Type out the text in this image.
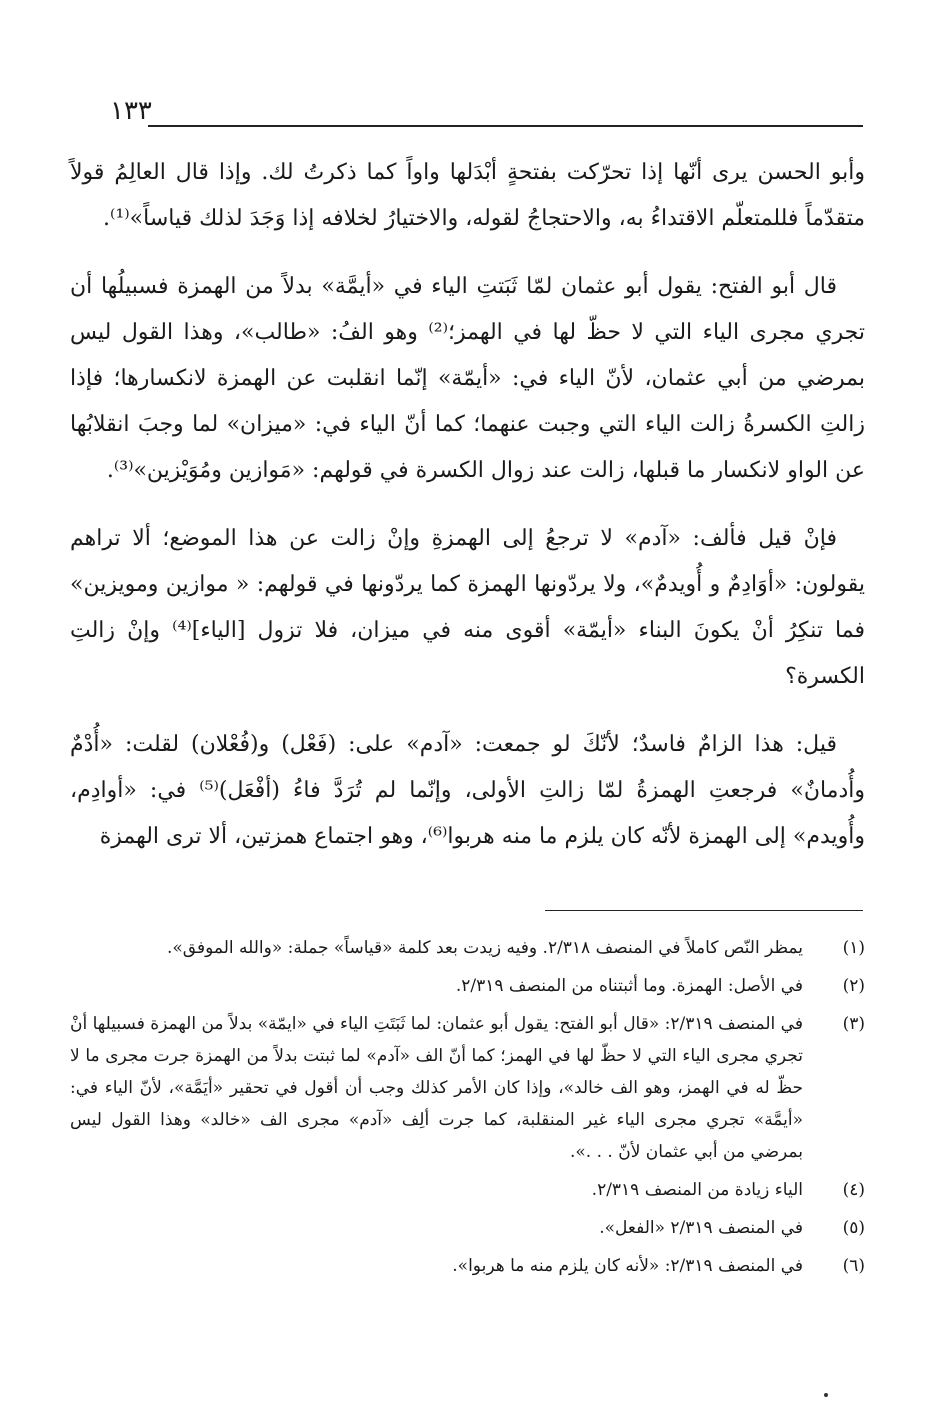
١٣٣

وأبو الحسن يرى أنّها إذا تحرّكت بفتحةٍ أبْدَلها واواً كما ذكرتُ لك. وإذا قال العالِمُ قولاً متقدّماً فللمتعلّم الاقتداءُ به، والاحتجاجُ لقوله، والاختيارُ لخلافه إذا وَجَدَ لذلك قياساً»⁽¹⁾.

قال أبو الفتح: يقول أبو عثمان لمّا ثَبَتتِ الياء في «أيمَّة» بدلاً من الهمزة فسبيلُها أن تجري مجرى الياء التي لا حظّ لها في الهمز؛⁽²⁾ وهو الفُ: «طالب»، وهذا القول ليس بمرضي من أبي عثمان، لأنّ الياء في: «أيمّة» إنّما انقلبت عن الهمزة لانكسارها؛ فإذا زالتِ الكسرةُ زالت الياء التي وجبت عنهما؛ كما أنّ الياء في: «ميزان» لما وجبَ انقلابُها عن الواو لانكسار ما قبلها، زالت عند زوال الكسرة في قولهم: «مَوازين ومُوَيْزين»⁽³⁾.

فإنْ قيل فألف: «آدم» لا ترجعُ إلى الهمزةِ وإنْ زالت عن هذا الموضع؛ ألا تراهم يقولون: «أوَادِمٌ و أُويدمٌ»، ولا يردّونها الهمزة كما يردّونها في قولهم: « موازين ومويزين» فما تنكِرُ أنْ يكونَ البناء «أيمّة» أقوى منه في ميزان، فلا تزول [الياء]⁽⁴⁾ وإنْ زالتِ الكسرة؟

قيل: هذا الزامٌ فاسدٌ؛ لأنّكَ لو جمعت: «آدم» على: (فَعْل) و(فُعْلان) لقلت: «أُدْمٌ وأُدمانٌ» فرجعتِ الهمزةُ لمّا زالتِ الأولى، وإنّما لم تُرَدَّ فاءُ (أفْعَل)⁽⁵⁾ في: «أوادِم، وأُويدم» إلى الهمزة لأنّه كان يلزم ما منه هربوا⁽⁶⁾، وهو اجتماع همزتين، ألا ترى الهمزة

(١)
يمظر النّص كاملاً في المنصف ٢/٣١٨. وفيه زيدت بعد كلمة «قياساً» جملة: «والله الموفق».
(٢)
في الأصل: الهمزة. وما أثبتناه من المنصف ٢/٣١٩.
(٣)
في المنصف ٢/٣١٩: «قال أبو الفتح: يقول أبو عثمان: لما ثَبَتَتِ الياء في «ايمّة» بدلاً من الهمزة فسبيلها أنْ تجري مجرى الياء التي لا حظّ لها في الهمز؛ كما أنّ الف «آدم» لما ثبتت بدلاً من الهمزة جرت مجرى ما لا حظّ له في الهمز، وهو الف خالد»، وإذا كان الأمر كذلك وجب أن أقول في تحقير «أيَمَّة»، لأنّ الياء في: «أيمَّة» تجري مجرى الياء غير المنقلبة، كما جرت ألِف «آدم» مجرى الف «خالد» وهذا القول ليس بمرضي من أبي عثمان لأنّ . . .».
(٤)
الياء زيادة من المنصف ٢/٣١٩.
(٥)
في المنصف ٢/٣١٩ «الفعل».
(٦)
في المنصف ٢/٣١٩: «لأنه كان يلزم منه ما هربوا».
